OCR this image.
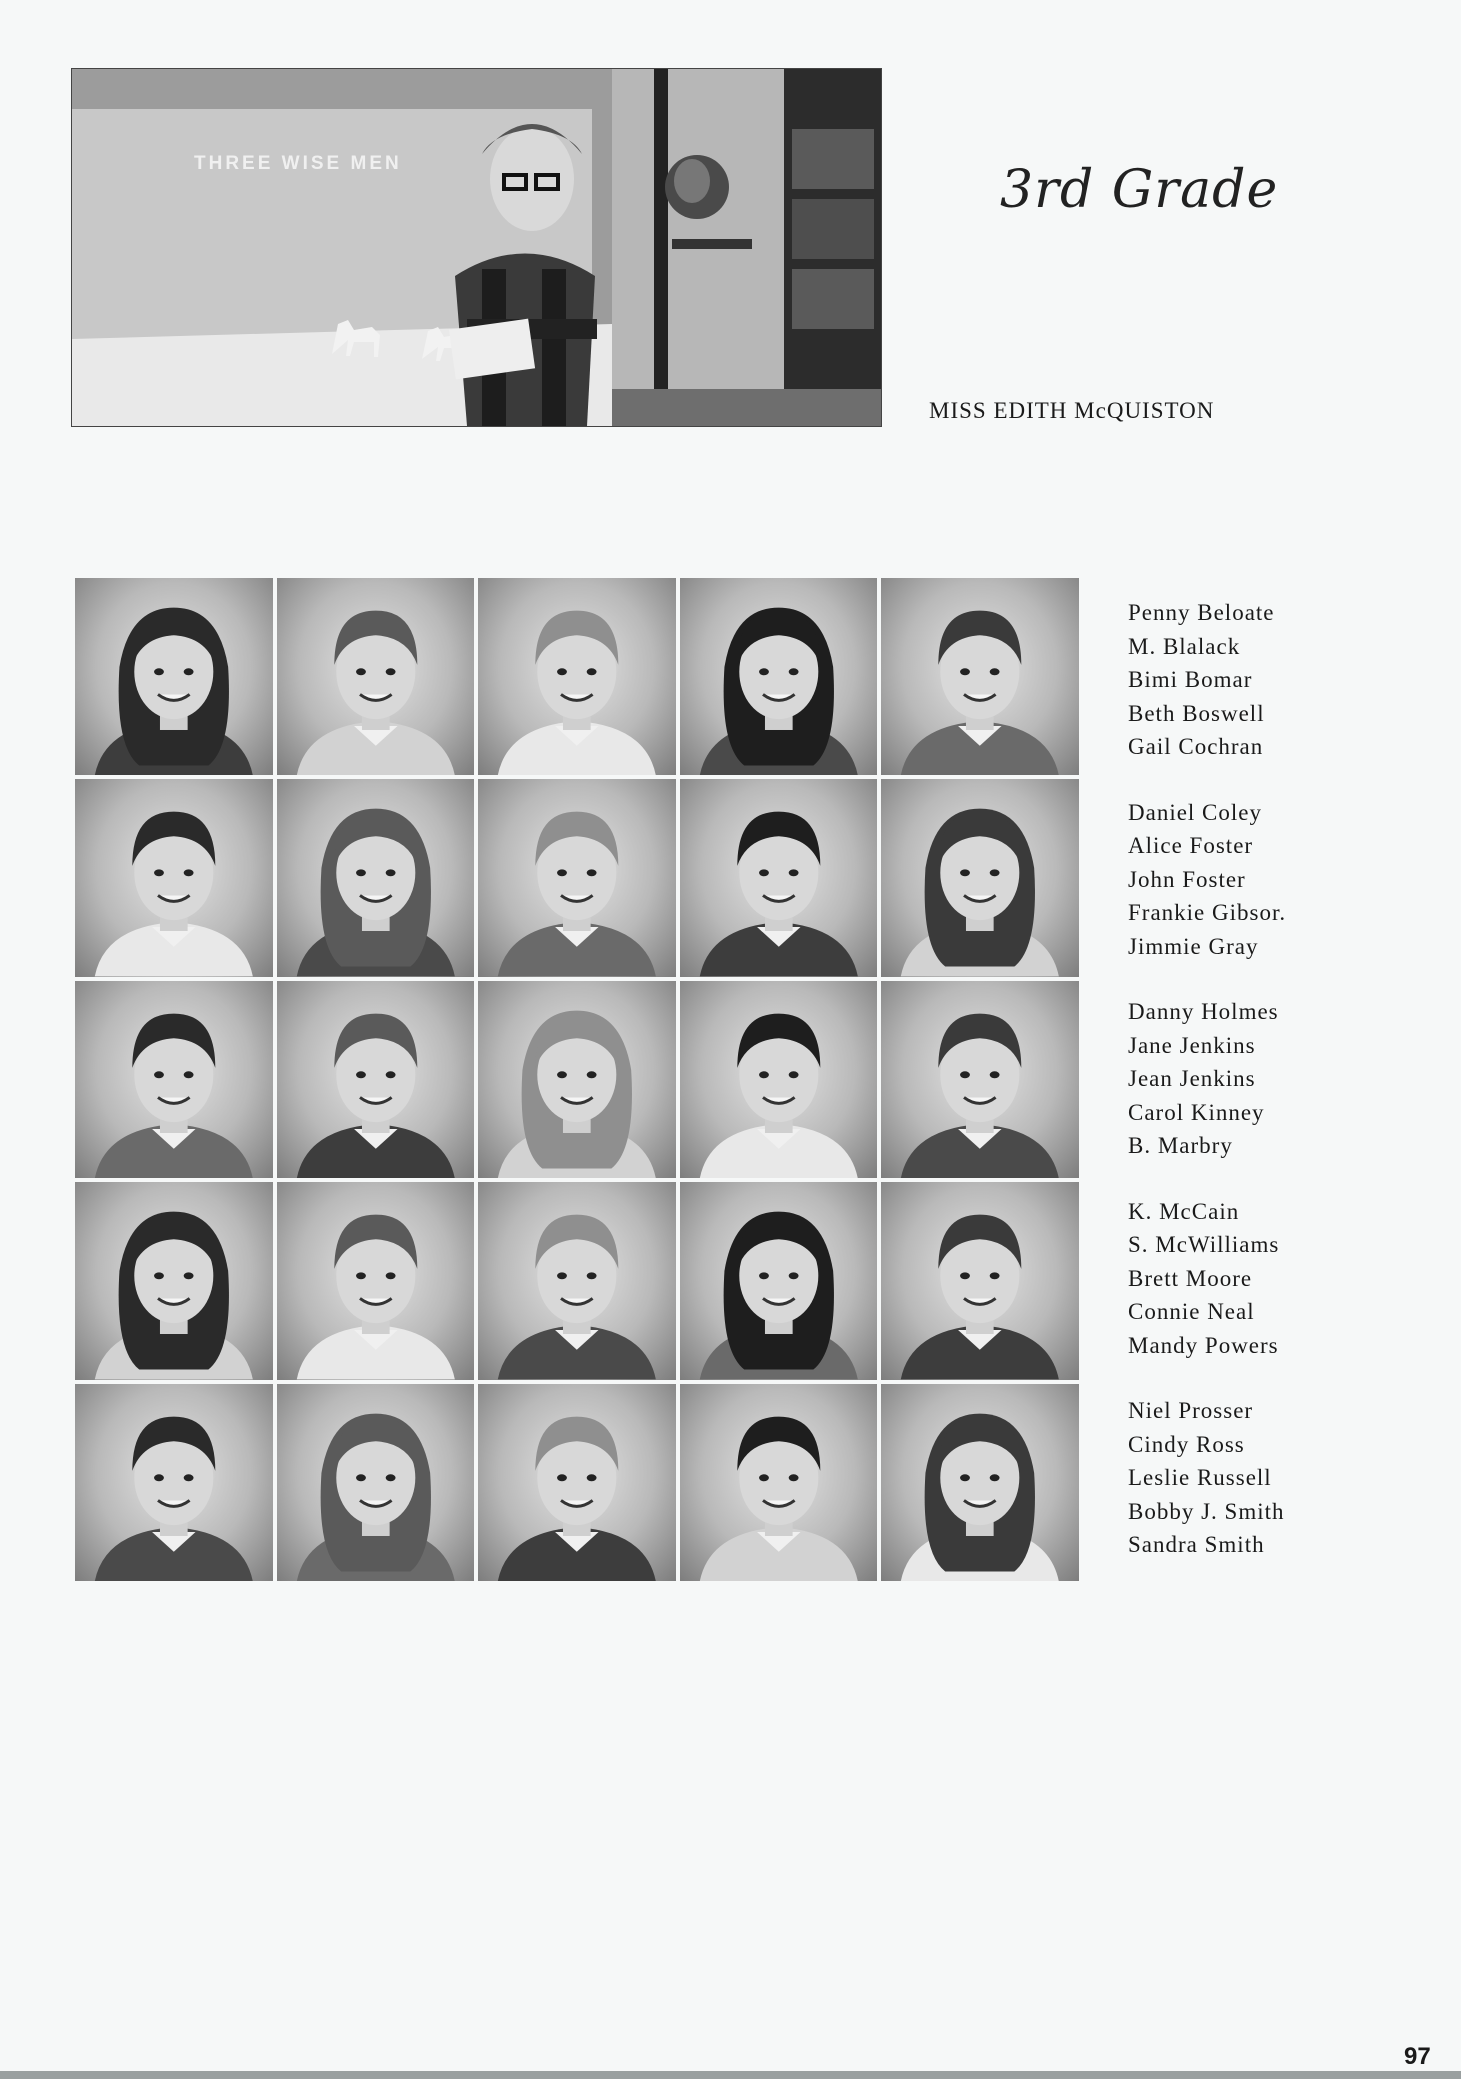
THREE WISE MEN	3rd Grade
MISS EDITH McQUISTON
Penny Beloate
M. Blalack
Bimi Bomar
Beth Boswell
Gail Cochran
Daniel Coley
Alice Foster
John Foster
Frankie Gibsor.
Jimmie Gray
Danny Holmes
Jane Jenkins
Jean Jenkins
Carol Kinney
B. Marbry
K. McCain
S. McWilliams
Brett Moore
Connie Neal
Mandy Powers
Niel Prosser
Cindy Ross
Leslie Russell
Bobby J. Smith
Sandra Smith
97
